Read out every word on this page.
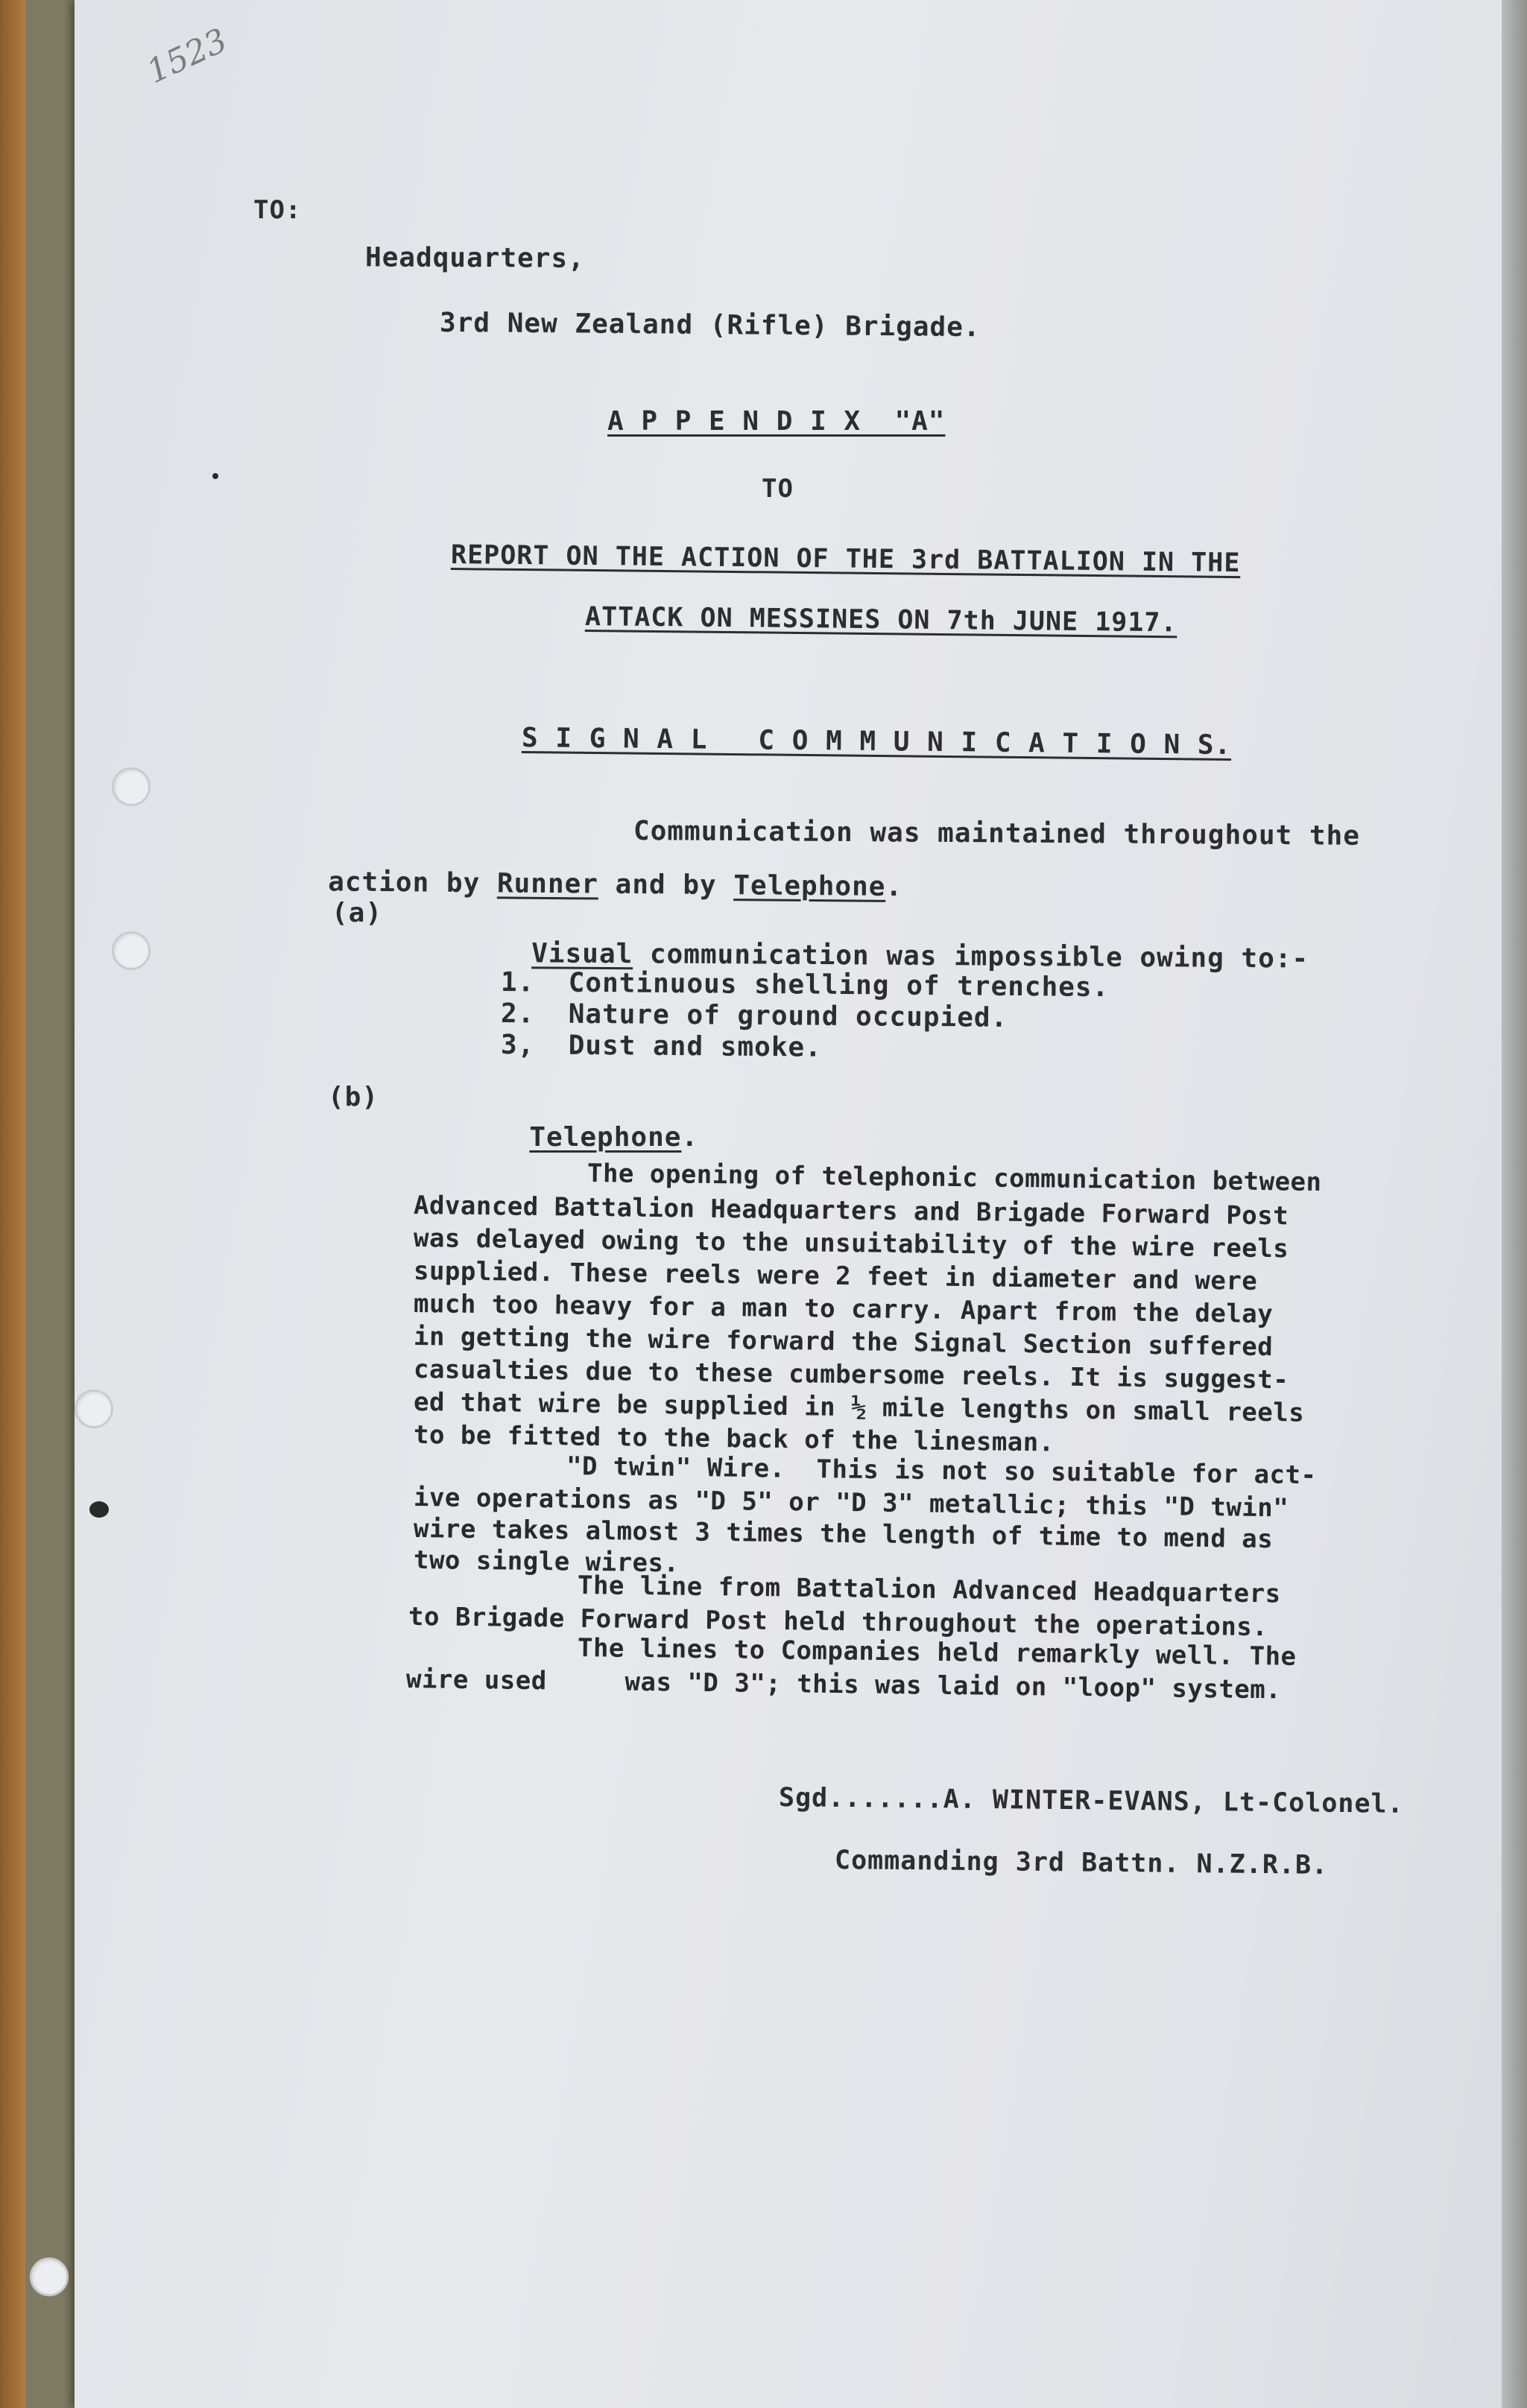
1523
TO:
Headquarters,
3rd New Zealand (Rifle) Brigade.
A P P E N D I X  "A"
TO
REPORT ON THE ACTION OF THE 3rd BATTALION IN THE
ATTACK ON MESSINES ON 7th JUNE 1917.
S I G N A L   C O M M U N I C A T I O N S.
Communication was maintained throughout the

action by Runner and by Telephone.

(a)

Visual communication was impossible owing to:-

1. Continuous shelling of trenches.
2. Nature of ground occupied.
3, Dust and smoke.
(b)

Telephone.

The opening of telephonic communication between
Advanced Battalion Headquarters and Brigade Forward Post
was delayed owing to the unsuitability of the wire reels
supplied. These reels were 2 feet in diameter and were
much too heavy for a man to carry. Apart from the delay
in getting the wire forward the Signal Section suffered
casualties due to these cumbersome reels. It is suggest-
ed that wire be supplied in ½ mile lengths on small reels
to be fitted to the back of the linesman.
"D twin" Wire.  This is not so suitable for act-
ive operations as "D 5" or "D 3" metallic; this "D twin"
wire takes almost 3 times the length of time to mend as
two single wires.
The line from Battalion Advanced Headquarters
to Brigade Forward Post held throughout the operations.
The lines to Companies held remarkly well. The
wire used     was "D 3"; this was laid on "loop" system.
Sgd.......A. WINTER-EVANS, Lt-Colonel.
Commanding 3rd Battn. N.Z.R.B.
